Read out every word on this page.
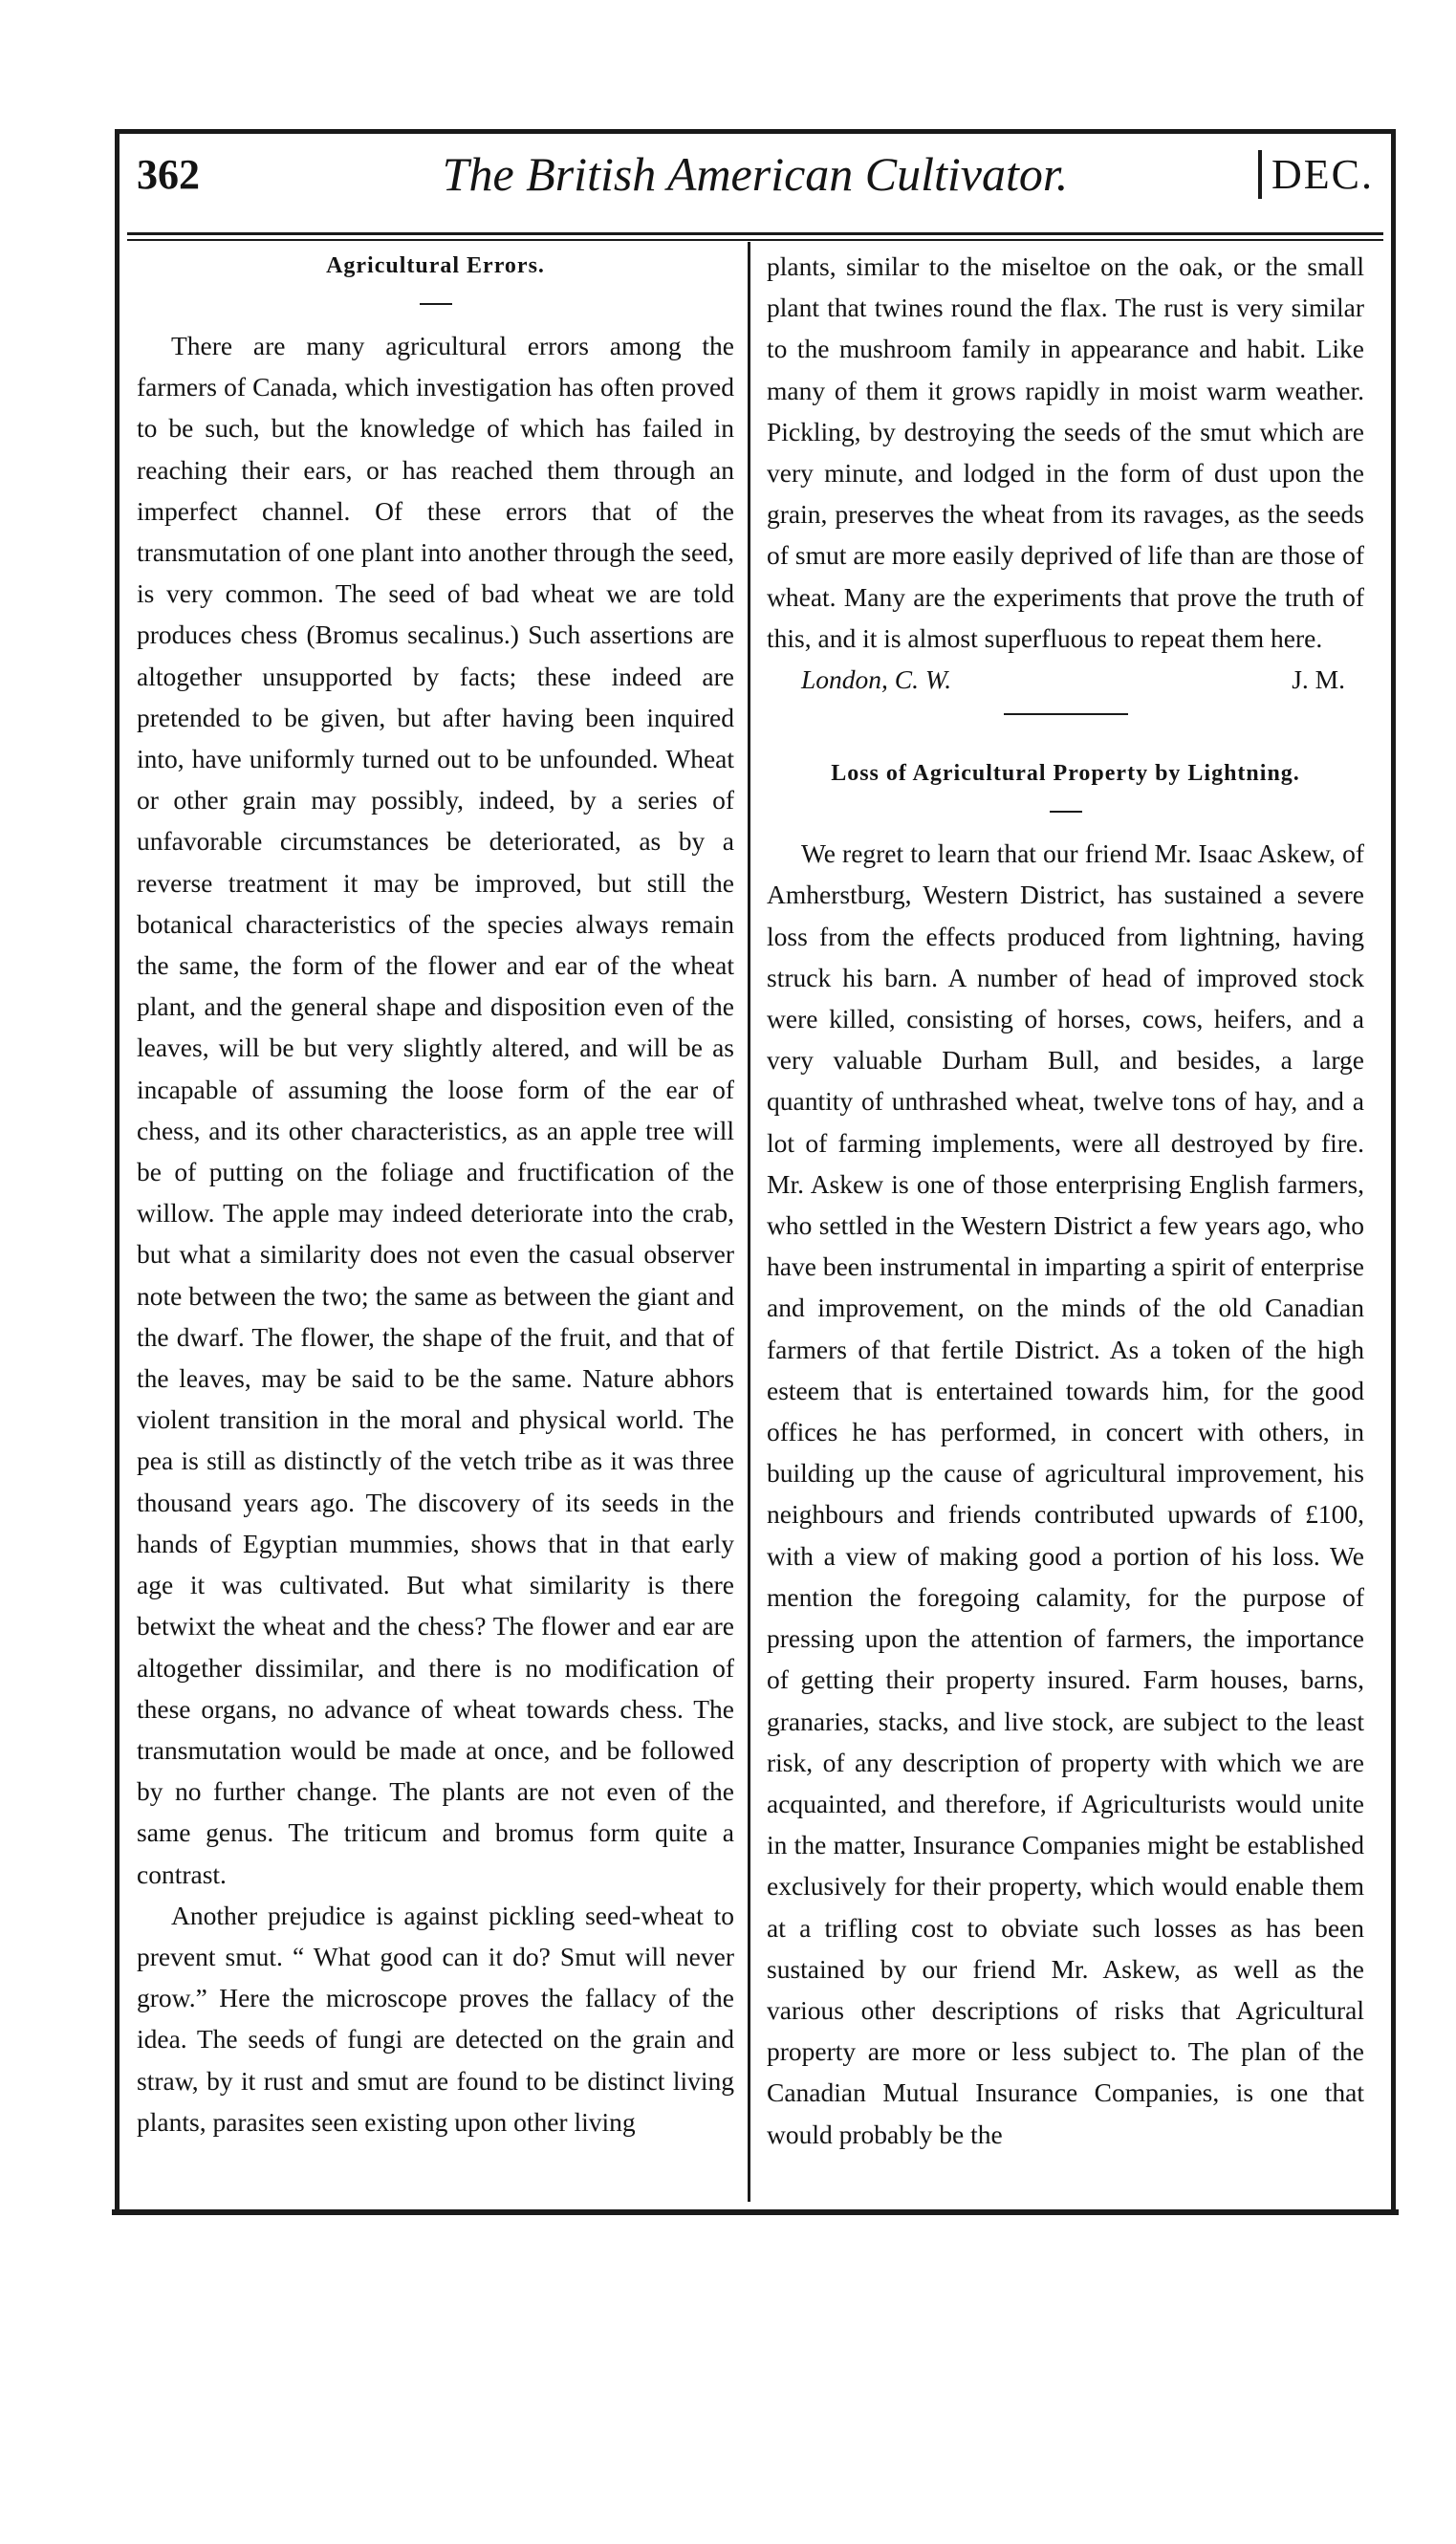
362	The British American Cultivator.	DEC.
Agricultural Errors.

There are many agricultural errors among the farmers of Canada, which investigation has often proved to be such, but the knowledge of which has failed in reaching their ears, or has reached them through an imperfect channel. Of these errors that of the transmutation of one plant into another through the seed, is very common. The seed of bad wheat we are told produces chess (Bromus secalinus.) Such assertions are altogether unsupported by facts; these indeed are pretended to be given, but after having been inquired into, have uniformly turned out to be unfounded. Wheat or other grain may possibly, indeed, by a series of unfavorable circumstances be deteriorated, as by a reverse treatment it may be improved, but still the botanical characteristics of the species always remain the same, the form of the flower and ear of the wheat plant, and the general shape and disposition even of the leaves, will be but very slightly altered, and will be as incapable of assuming the loose form of the ear of chess, and its other characteristics, as an apple tree will be of putting on the foliage and fructification of the willow. The apple may indeed deteriorate into the crab, but what a similarity does not even the casual observer note between the two; the same as between the giant and the dwarf. The flower, the shape of the fruit, and that of the leaves, may be said to be the same. Nature abhors violent transition in the moral and physical world. The pea is still as distinctly of the vetch tribe as it was three thousand years ago. The discovery of its seeds in the hands of Egyptian mummies, shows that in that early age it was cultivated. But what similarity is there betwixt the wheat and the chess? The flower and ear are altogether dissimilar, and there is no modification of these organs, no advance of wheat towards chess. The transmutation would be made at once, and be followed by no further change. The plants are not even of the same genus. The triticum and bromus form quite a contrast.

Another prejudice is against pickling seed-wheat to prevent smut. “ What good can it do? Smut will never grow.” Here the microscope proves the fallacy of the idea. The seeds of fungi are detected on the grain and straw, by it rust and smut are found to be distinct living plants, parasites seen existing upon other living

plants, similar to the miseltoe on the oak, or the small plant that twines round the flax. The rust is very similar to the mushroom family in appearance and habit. Like many of them it grows rapidly in moist warm weather. Pickling, by destroying the seeds of the smut which are very minute, and lodged in the form of dust upon the grain, preserves the wheat from its ravages, as the seeds of smut are more easily deprived of life than are those of wheat. Many are the experiments that prove the truth of this, and it is almost superfluous to repeat them here.
J. M.

London, C. W.
Loss of Agricultural Property by Lightning.

We regret to learn that our friend Mr. Isaac Askew, of Amherstburg, Western District, has sustained a severe loss from the effects produced from lightning, having struck his barn. A number of head of improved stock were killed, consisting of horses, cows, heifers, and a very valuable Durham Bull, and besides, a large quantity of unthrashed wheat, twelve tons of hay, and a lot of farming implements, were all destroyed by fire. Mr. Askew is one of those enterprising English farmers, who settled in the Western District a few years ago, who have been instrumental in imparting a spirit of enterprise and improvement, on the minds of the old Canadian farmers of that fertile District. As a token of the high esteem that is entertained towards him, for the good offices he has performed, in concert with others, in building up the cause of agricultural improvement, his neighbours and friends contributed upwards of £100, with a view of making good a portion of his loss. We mention the foregoing calamity, for the purpose of pressing upon the attention of farmers, the importance of getting their property insured. Farm houses, barns, granaries, stacks, and live stock, are subject to the least risk, of any description of property with which we are acquainted, and therefore, if Agriculturists would unite in the matter, Insurance Companies might be established exclusively for their property, which would enable them at a trifling cost to obviate such losses as has been sustained by our friend Mr. Askew, as well as the various other descriptions of risks that Agricultural property are more or less subject to. The plan of the Canadian Mutual Insurance Companies, is one that would probably be the
